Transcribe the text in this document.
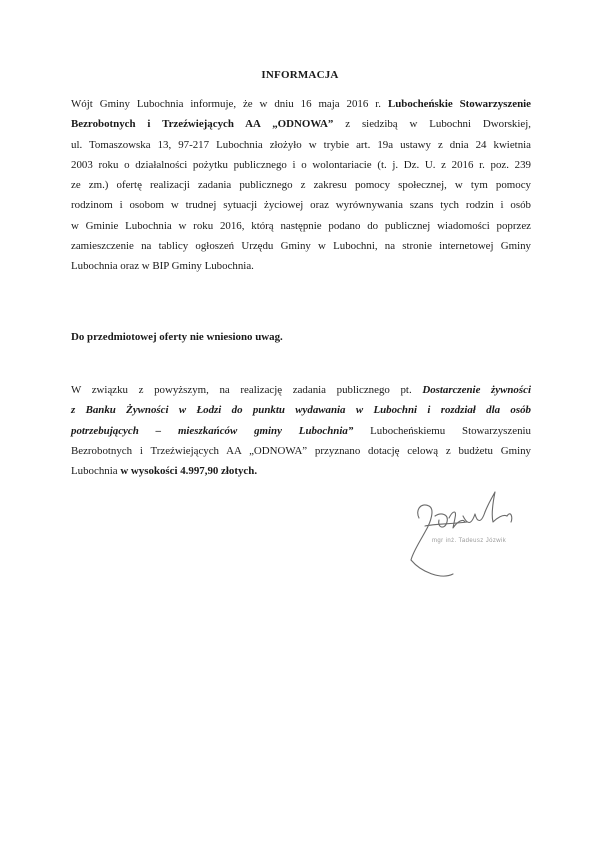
INFORMACJA
Wójt Gminy Lubochnia informuje, że w dniu 16 maja 2016 r. Lubocheńskie Stowarzyszenie
Bezrobotnych i Trzeźwiejących AA „ODNOWA” z siedzibą w Lubochni Dworskiej,
ul. Tomaszowska 13, 97-217 Lubochnia złożyło w trybie art. 19a ustawy z dnia 24 kwietnia
2003 roku o działalności pożytku publicznego i o wolontariacie (t. j. Dz. U. z 2016 r. poz. 239
ze zm.) ofertę realizacji zadania publicznego z zakresu pomocy społecznej, w tym pomocy
rodzinom i osobom w trudnej sytuacji życiowej oraz wyrównywania szans tych rodzin i osób
w Gminie Lubochnia w roku 2016, którą następnie podano do publicznej wiadomości poprzez
zamieszczenie na tablicy ogłoszeń Urzędu Gminy w Lubochni, na stronie internetowej Gminy
Lubochnia oraz w BIP Gminy Lubochnia.
Do przedmiotowej oferty nie wniesiono uwag.
W związku z powyższym, na realizację zadania publicznego pt. Dostarczenie żywności
z Banku Żywności w Łodzi do punktu wydawania w Lubochni i rozdział dla osób
potrzebujących – mieszkańców gminy Lubochnia” Lubocheńskiemu Stowarzyszeniu
Bezrobotnych i Trzeźwiejących AA „ODNOWA” przyznano dotację celową z budżetu Gminy
Lubochnia w wysokości 4.997,90 złotych.
mgr inż. Tadeusz Józwik
